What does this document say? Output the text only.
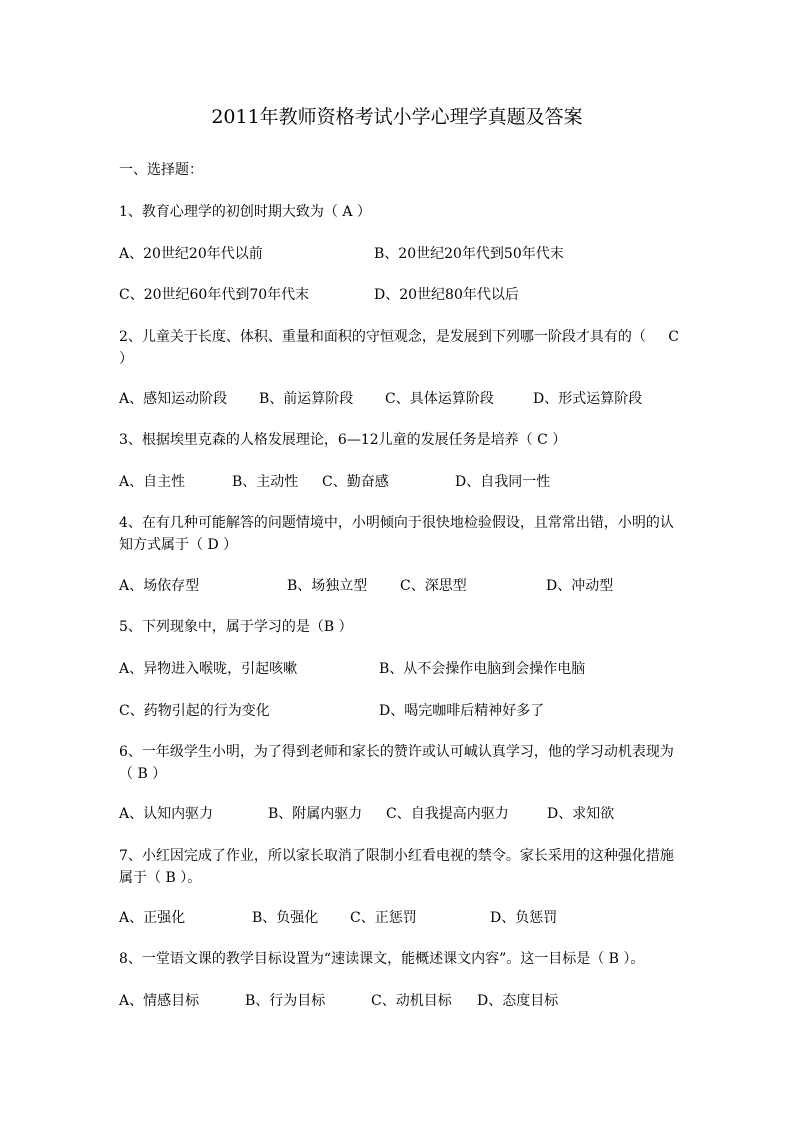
2011年教师资格考试小学心理学真题及答案
一、选择题：
1、教育心理学的初创时期大致为（ A ）
A、20世纪20年代以前	B、20世纪20年代到50年代末
C、20世纪60年代到70年代末	D、20世纪80年代以后
2、儿童关于长度、体积、重量和面积的守恒观念，是发展到下列哪一阶段才具有的（ C
）
A、感知运动阶段 B、前运算阶段 C、具体运算阶段	D、形式运算阶段
3、根据埃里克森的人格发展理论，6—12儿童的发展任务是培养（ C ）
A、自主性	B、主动性 C、勤奋感	D、自我同一性
4、在有几种可能解答的问题情境中，小明倾向于很快地检验假设，且常常出错，小明的认
知方式属于（ D ）
A、场依存型	B、场独立型 C、深思型	D、冲动型
5、下列现象中，属于学习的是（B ）
A、异物进入喉咙，引起咳嗽	B、从不会操作电脑到会操作电脑
C、药物引起的行为变化	D、喝完咖啡后精神好多了
6、一年级学生小明，为了得到老师和家长的赞许或认可峸认真学习，他的学习动机表现为
（ B ）
A、认知内驱力	B、附属内驱力 C、自我提高内驱力	D、求知欲
7、小红因完成了作业，所以家长取消了限制小红看电视的禁令。家长采用的这种强化措施
属于（ B ）。
A、正强化	B、负强化 C、正惩罚	D、负惩罚
8、一堂语文课的教学目标设置为“速读课文，能概述课文内容”。这一目标是（ B ）。
A、情感目标	B、行为目标	C、动机目标 D、态度目标
